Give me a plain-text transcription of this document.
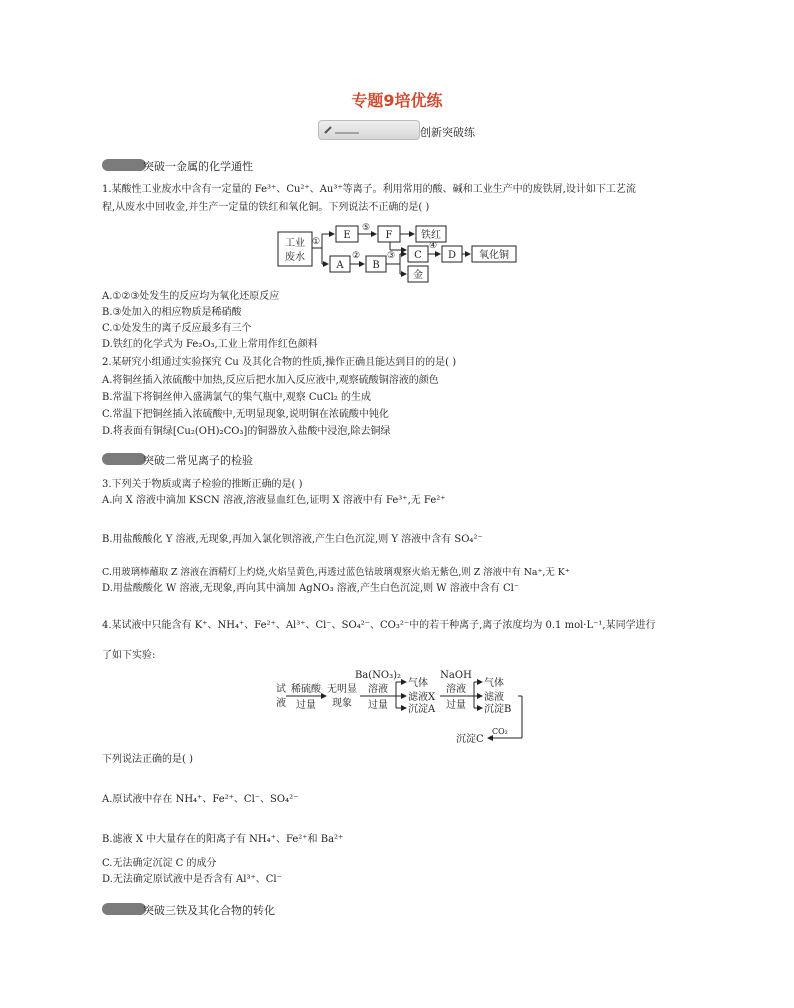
专题9培优练
创新突破练
突破一金属的化学通性
1.某酸性工业废水中含有一定量的 Fe³⁺、Cu²⁺、Au³⁺等离子。利用常用的酸、碱和工业生产中的废铁屑,设计如下工艺流
程,从废水中回收金,并生产一定量的铁红和氧化铜。下列说法不正确的是( )
工业
废水
①
E
⑤
F	铁红
A
②
B
③ C
金
④
D 氧化铜
A.①②③处发生的反应均为氧化还原反应
B.③处加入的相应物质是稀硝酸
C.①处发生的离子反应最多有三个
D.铁红的化学式为 Fe₂O₃,工业上常用作红色颜料
2.某研究小组通过实验探究 Cu 及其化合物的性质,操作正确且能达到目的的是( )
A.将铜丝插入浓硫酸中加热,反应后把水加入反应液中,观察硫酸铜溶液的颜色
B.常温下将铜丝伸入盛满氯气的集气瓶中,观察 CuCl₂ 的生成
C.常温下把铜丝插入浓硫酸中,无明显现象,说明铜在浓硫酸中钝化
D.将表面有铜绿[Cu₂(OH)₂CO₃]的铜器放入盐酸中浸泡,除去铜绿
突破二常见离子的检验
3.下列关于物质或离子检验的推断正确的是( )
A.向 X 溶液中滴加 KSCN 溶液,溶液显血红色,证明 X 溶液中有 Fe³⁺,无 Fe²⁺
B.用盐酸酸化 Y 溶液,无现象,再加入氯化钡溶液,产生白色沉淀,则 Y 溶液中含有 SO₄²⁻
C.用玻璃棒蘸取 Z 溶液在酒精灯上灼烧,火焰呈黄色,再透过蓝色钴玻璃观察火焰无紫色,则 Z 溶液中有 Na⁺,无 K⁺
D.用盐酸酸化 W 溶液,无现象,再向其中滴加 AgNO₃ 溶液,产生白色沉淀,则 W 溶液中含有 Cl⁻
4.某试液中只能含有 K⁺、NH₄⁺、Fe²⁺、Al³⁺、Cl⁻、SO₄²⁻、CO₃²⁻中的若干种离子,离子浓度均为 0.1 mol·L⁻¹,某同学进行
了如下实验:
试
液
稀硫酸
过量
无明显
现象
Ba(NO₃)₂
溶液
过量
气体
滤液X
沉淀A
NaOH
溶液
过量
气体
滤液
沉淀B
CO₂
沉淀C
下列说法正确的是( )
A.原试液中存在 NH₄⁺、Fe²⁺、Cl⁻、SO₄²⁻
B.滤液 X 中大量存在的阳离子有 NH₄⁺、Fe²⁺和 Ba²⁺
C.无法确定沉淀 C 的成分
D.无法确定原试液中是否含有 Al³⁺、Cl⁻
突破三铁及其化合物的转化
